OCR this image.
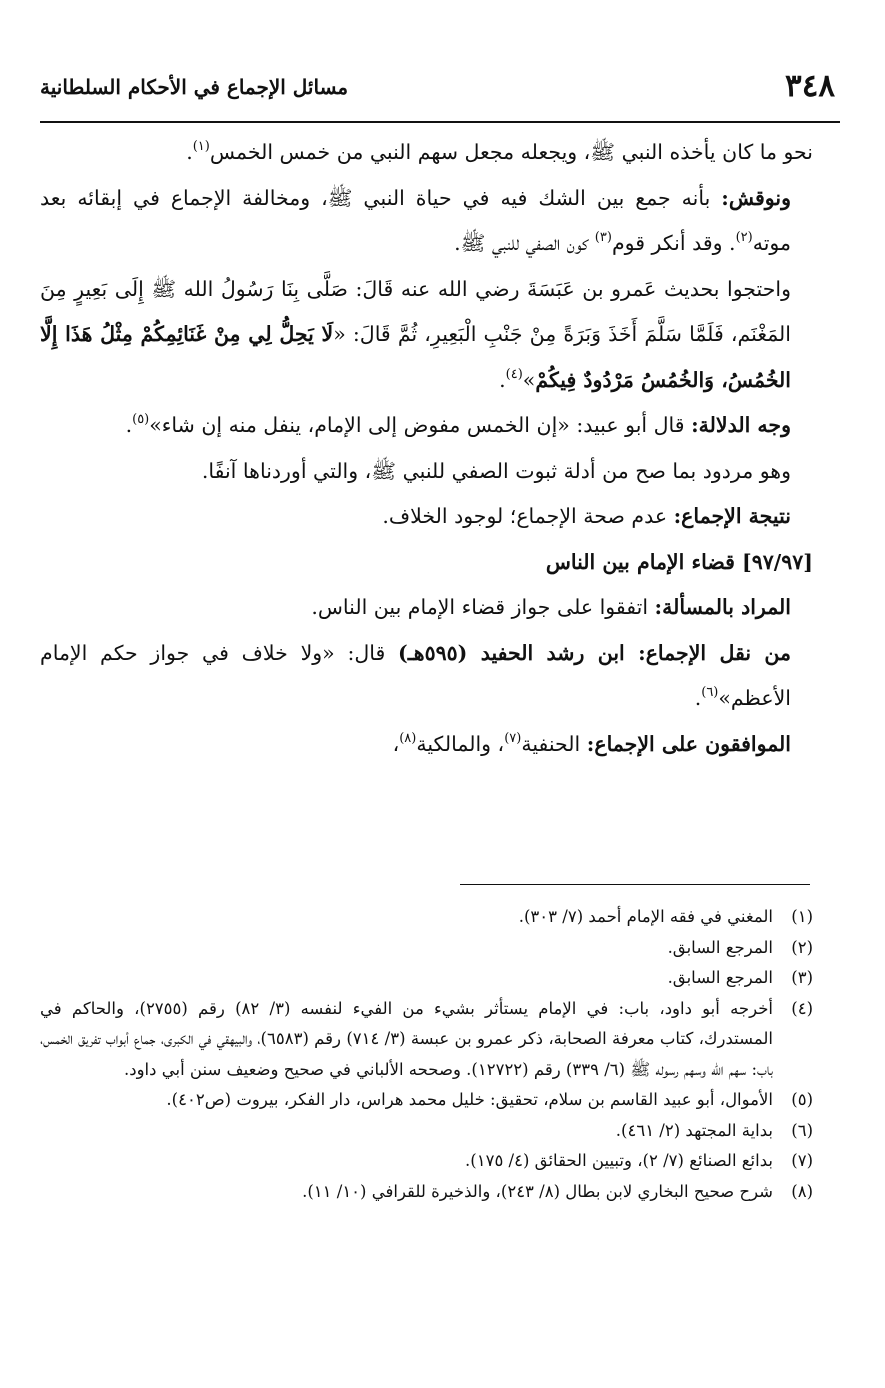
٣٤٨
مسائل الإجماع في الأحكام السلطانية

نحو ما كان يأخذه النبي ﷺ، ويجعله مجعل سهم النبي من خمس الخمس$^{(١)}$.

ونوقش: بأنه جمع بين الشك فيه في حياة النبي ﷺ، ومخالفة الإجماع في إبقائه بعد موته$^{(٢)}$. وقد أنكر قوم$^{(٣)}$ كون الصفي للنبي ﷺ.

واحتجوا بحديث عَمرو بن عَبَسَةَ رضي الله عنه قَالَ: صَلَّى بِنَا رَسُولُ الله ﷺ إِلَى بَعِيرٍ مِنَ المَغْنَم، فَلَمَّا سَلَّمَ أَخَذَ وَبَرَةً مِنْ جَنْبِ الْبَعِيرِ، ثُمَّ قَالَ: «لَا يَحِلُّ لِي مِنْ غَنَائِمِكُمْ مِثْلُ هَذَا إِلَّا الخُمُسُ، وَالخُمُسُ مَرْدُودٌ فِيكُمْ»$^{(٤)}$.

وجه الدلالة: قال أبو عبيد: «إن الخمس مفوض إلى الإمام، ينفل منه إن شاء»$^{(٥)}$.

وهو مردود بما صح من أدلة ثبوت الصفي للنبي ﷺ، والتي أوردناها آنفًا.

نتيجة الإجماع: عدم صحة الإجماع؛ لوجود الخلاف.

[٩٧/٩٧] قضاء الإمام بين الناس

المراد بالمسألة: اتفقوا على جواز قضاء الإمام بين الناس.

من نقل الإجماع: ابن رشد الحفيد (٥٩٥هـ) قال: «ولا خلاف في جواز حكم الإمام الأعظم»$^{(٦)}$.

الموافقون على الإجماع: الحنفية$^{(٧)}$، والمالكية$^{(٨)}$،

(١)المغني في فقه الإمام أحمد (٧/ ٣٠٣).

(٢)المرجع السابق.

(٣)المرجع السابق.

(٤)أخرجه أبو داود، باب: في الإمام يستأثر بشيء من الفيء لنفسه (٣/ ٨٢) رقم (٢٧٥٥)، والحاكم في المستدرك، كتاب معرفة الصحابة، ذكر عمرو بن عبسة (٣/ ٧١٤) رقم (٦٥٨٣)، والبيهقي في الكبرى، جماع أبواب تفريق الخمس، باب: سهم الله وسهم رسوله ﷺ (٦/ ٣٣٩) رقم (١٢٧٢٢). وصححه الألباني في صحيح وضعيف سنن أبي داود.

(٥)الأموال، أبو عبيد القاسم بن سلام، تحقيق: خليل محمد هراس، دار الفكر، بيروت (ص٤٠٢).

(٦)بداية المجتهد (٢/ ٤٦١).

(٧)بدائع الصنائع (٧/ ٢)، وتبيين الحقائق (٤/ ١٧٥).

(٨)شرح صحيح البخاري لابن بطال (٨/ ٢٤٣)، والذخيرة للقرافي (١٠/ ١١).
